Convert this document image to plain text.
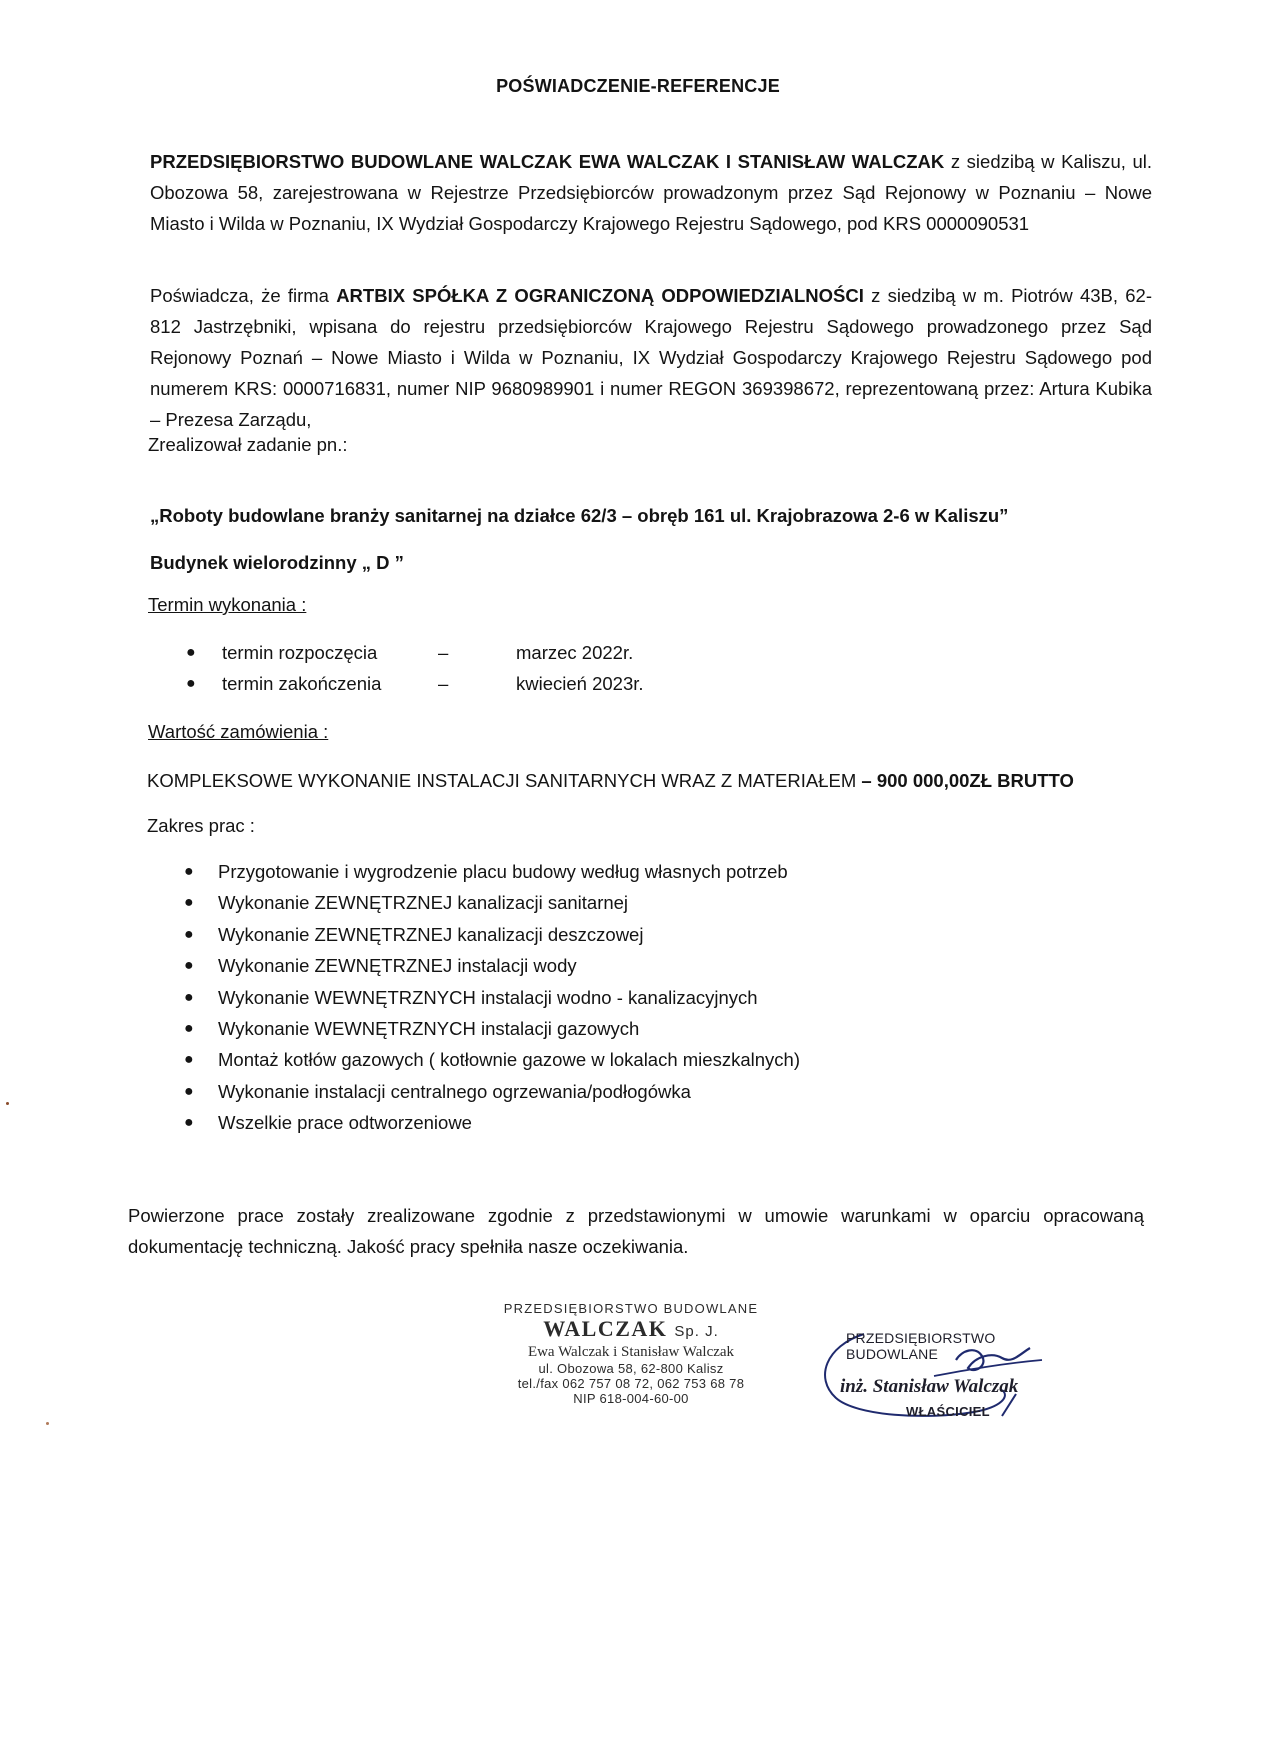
POŚWIADCZENIE-REFERENCJE
PRZEDSIĘBIORSTWO BUDOWLANE WALCZAK EWA WALCZAK I STANISŁAW WALCZAK z siedzibą w Kaliszu, ul. Obozowa 58, zarejestrowana w Rejestrze Przedsiębiorców prowadzonym przez Sąd Rejonowy w Poznaniu – Nowe Miasto i Wilda w Poznaniu, IX Wydział Gospodarczy Krajowego Rejestru Sądowego, pod KRS 0000090531
Poświadcza, że firma ARTBIX SPÓŁKA Z OGRANICZONĄ ODPOWIEDZIALNOŚCI z siedzibą w m. Piotrów 43B, 62-812 Jastrzębniki, wpisana do rejestru przedsiębiorców Krajowego Rejestru Sądowego prowadzonego przez Sąd Rejonowy Poznań – Nowe Miasto i Wilda w Poznaniu, IX Wydział Gospodarczy Krajowego Rejestru Sądowego pod numerem KRS: 0000716831, numer NIP 9680989901 i numer REGON 369398672, reprezentowaną przez: Artura Kubika – Prezesa Zarządu,
Zrealizował zadanie pn.:
„Roboty budowlane branży sanitarnej na działce 62/3 – obręb 161 ul. Krajobrazowa 2-6 w Kaliszu”
Budynek wielorodzinny „ D ”
Termin wykonania :
● termin rozpoczęcia	–	marzec 2022r.
● termin zakończenia	–	kwiecień 2023r.
Wartość zamówienia :
KOMPLEKSOWE WYKONANIE INSTALACJI SANITARNYCH WRAZ Z MATERIAŁEM – 900 000,00ZŁ BRUTTO
Zakres prac :
● Przygotowanie i wygrodzenie placu budowy według własnych potrzeb
● Wykonanie ZEWNĘTRZNEJ kanalizacji sanitarnej
● Wykonanie ZEWNĘTRZNEJ kanalizacji deszczowej
● Wykonanie ZEWNĘTRZNEJ instalacji wody
● Wykonanie WEWNĘTRZNYCH instalacji wodno - kanalizacyjnych
● Wykonanie WEWNĘTRZNYCH instalacji gazowych
● Montaż kotłów gazowych ( kotłownie gazowe w lokalach mieszkalnych)
● Wykonanie instalacji centralnego ogrzewania/podłogówka
● Wszelkie prace odtworzeniowe
Powierzone prace zostały zrealizowane zgodnie z przedstawionymi w umowie warunkami w oparciu opracowaną dokumentację techniczną. Jakość pracy spełniła nasze oczekiwania.
PRZEDSIĘBIORSTWO BUDOWLANE
WALCZAK Sp. J.
Ewa Walczak i Stanisław Walczak
ul. Obozowa 58, 62-800 Kalisz
tel./fax 062 757 08 72, 062 753 68 78
NIP 618-004-60-00
PRZEDSIĘBIORSTWO BUDOWLANE
inż. Stanisław Walczak
WŁAŚCICIEL
